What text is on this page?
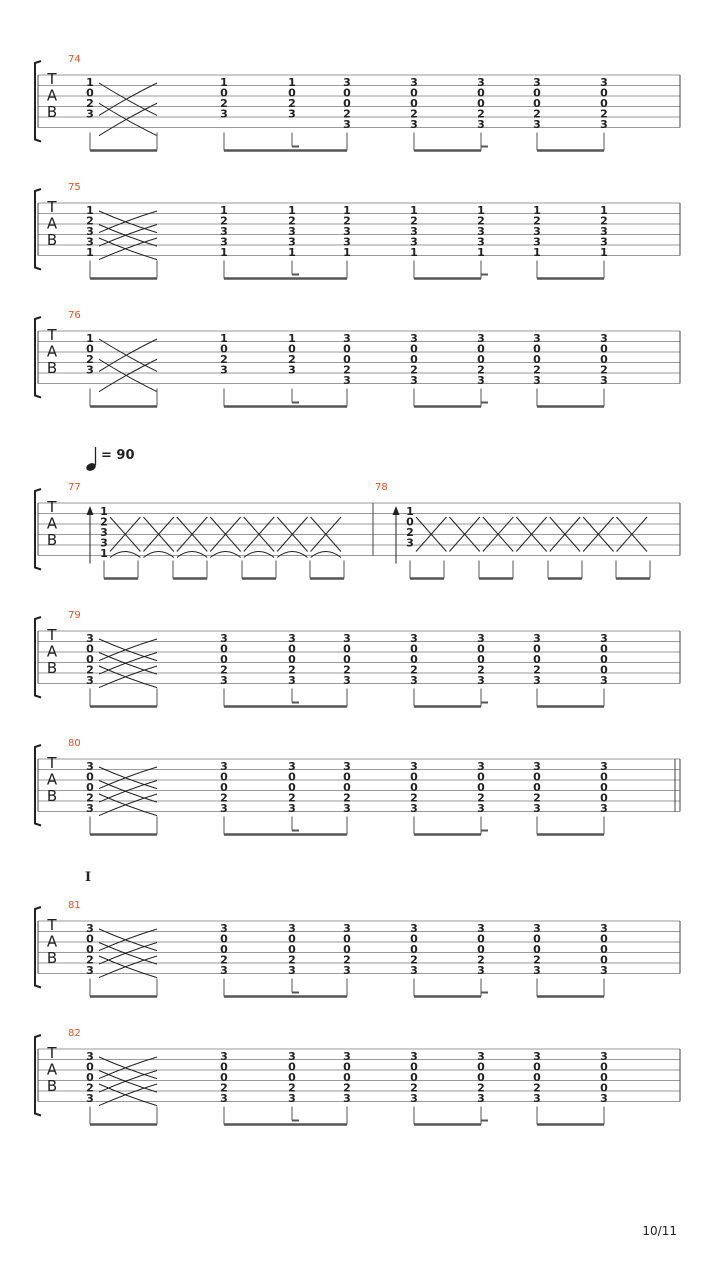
= 90
I
10/11
T
A
B
74
1
0
2
3
1
0
2
3
1
0
2
3
3
0
0
2
3
3
0
0
2
3
3
0
0
2
3
3
0
0
2
3
3
0
0
2
3
T
A
B
75
1
2
3
3
1
1
2
3
3
1
1
2
3
3
1
1
2
3
3
1
1
2
3
3
1
1
2
3
3
1
1
2
3
3
1
1
2
3
3
1
T
A
B
76
1
0
2
3
1
0
2
3
1
0
2
3
3
0
0
2
3
3
0
0
2
3
3
0
0
2
3
3
0
0
2
3
3
0
0
2
3
T
A
B
77
1
2
3
3
1
78
1
0
2
3
T
A
B
79
3
0
0
2
3
3
0
0
2
3
3
0
0
2
3
3
0
0
2
3
3
0
0
2
3
3
0
0
2
3
3
0
0
2
3
3
0
0
0
3
T
A
B
80
3
0
0
2
3
3
0
0
2
3
3
0
0
2
3
3
0
0
2
3
3
0
0
2
3
3
0
0
2
3
3
0
0
2
3
3
0
0
0
3
T
A
B
81
3
0
0
2
3
3
0
0
2
3
3
0
0
2
3
3
0
0
2
3
3
0
0
2
3
3
0
0
2
3
3
0
0
2
3
3
0
0
0
3
T
A
B
82
3
0
0
2
3
3
0
0
2
3
3
0
0
2
3
3
0
0
2
3
3
0
0
2
3
3
0
0
2
3
3
0
0
2
3
3
0
0
0
3
